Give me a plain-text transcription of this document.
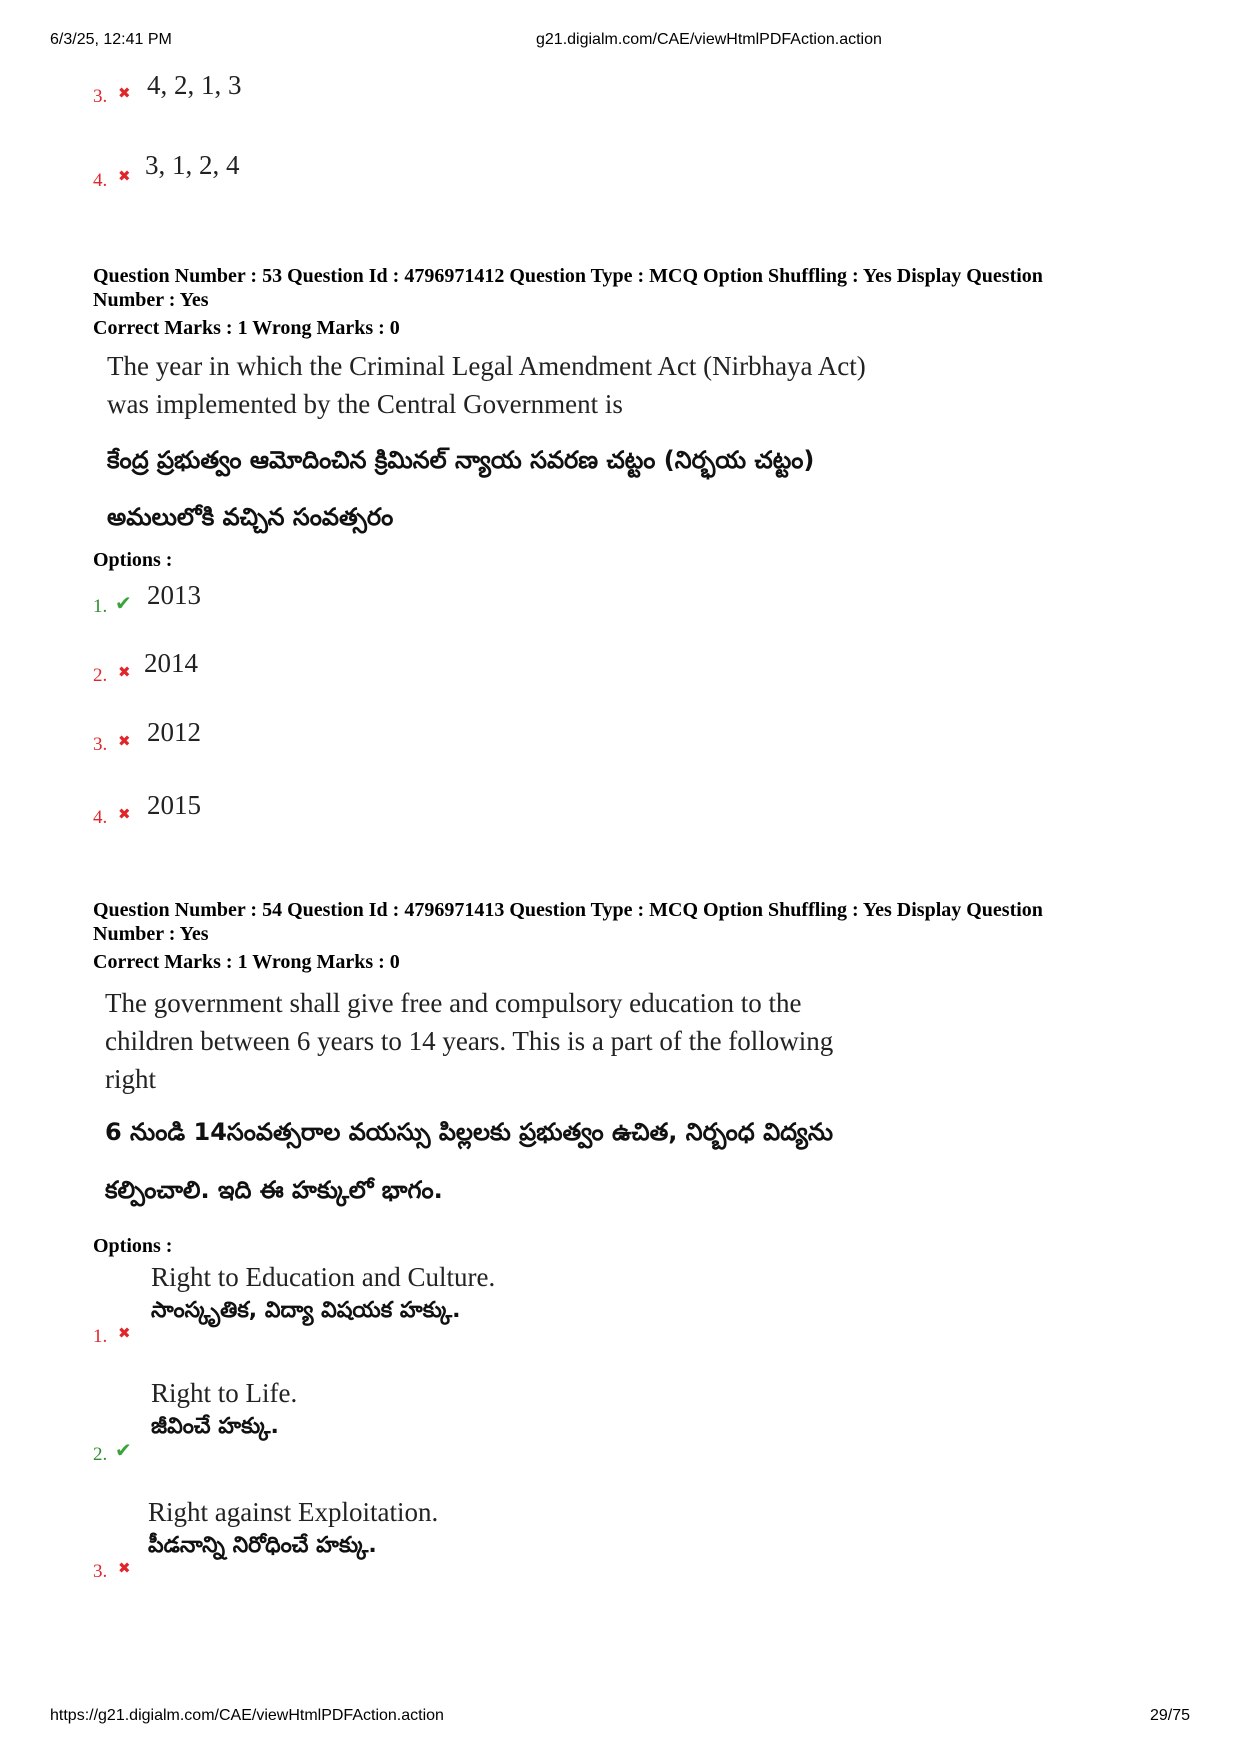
6/3/25, 12:41 PM	g21.digialm.com/CAE/viewHtmlPDFAction.action
3. ✖ 4, 2, 1, 3
4. ✖ 3, 1, 2, 4
Question Number : 53 Question Id : 4796971412 Question Type : MCQ Option Shuffling : Yes Display Question
Number : Yes
Correct Marks : 1 Wrong Marks : 0
The year in which the Criminal Legal Amendment Act (Nirbhaya Act)
was implemented by the Central Government is
కేంద్ర ప్రభుత్వం ఆమోదించిన క్రిమినల్ న్యాయ సవరణ చట్టం (నిర్భయ చట్టం)
అమలులోకి వచ్చిన సంవత్సరం
Options :
1. ✔ 2013
2. ✖ 2014
3. ✖ 2012
4. ✖ 2015
Question Number : 54 Question Id : 4796971413 Question Type : MCQ Option Shuffling : Yes Display Question
Number : Yes
Correct Marks : 1 Wrong Marks : 0
The government shall give free and compulsory education to the
children between 6 years to 14 years. This is a part of the following
right
6 నుండి 14సంవత్సరాల వయస్సు పిల్లలకు ప్రభుత్వం ఉచిత, నిర్బంధ విద్యను
కల్పించాలి. ఇది ఈ హక్కులో భాగం.
Options :
1. ✖
Right to Education and Culture.
సాంస్కృతిక, విద్యా విషయక హక్కు.
2. ✔
Right to Life.
జీవించే హక్కు.
3. ✖
Right against Exploitation.
పీడనాన్ని నిరోధించే హక్కు.
https://g21.digialm.com/CAE/viewHtmlPDFAction.action	29/75
